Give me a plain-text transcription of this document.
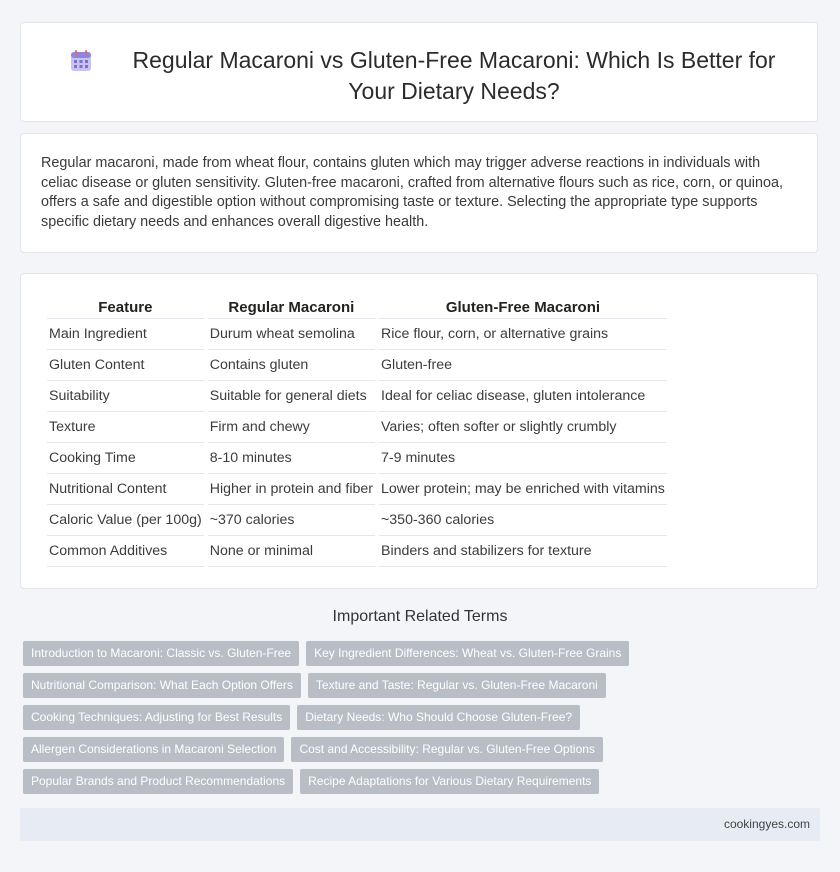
Regular Macaroni vs Gluten-Free Macaroni: Which Is Better for Your Dietary Needs?

Regular macaroni, made from wheat flour, contains gluten which may trigger adverse reactions in individuals with celiac disease or gluten sensitivity. Gluten-free macaroni, crafted from alternative flours such as rice, corn, or quinoa, offers a safe and digestible option without compromising taste or texture. Selecting the appropriate type supports specific dietary needs and enhances overall digestive health.

Feature	Regular Macaroni	Gluten-Free Macaroni
Main Ingredient	Durum wheat semolina	Rice flour, corn, or alternative grains
Gluten Content	Contains gluten	Gluten-free
Suitability	Suitable for general diets	Ideal for celiac disease, gluten intolerance
Texture	Firm and chewy	Varies; often softer or slightly crumbly
Cooking Time	8-10 minutes	7-9 minutes
Nutritional Content	Higher in protein and fiber	Lower protein; may be enriched with vitamins
Caloric Value (per 100g)	~370 calories	~350-360 calories
Common Additives	None or minimal	Binders and stabilizers for texture
Important Related Terms
Introduction to Macaroni: Classic vs. Gluten-Free	Key Ingredient Differences: Wheat vs. Gluten-Free Grains
Nutritional Comparison: What Each Option Offers	Texture and Taste: Regular vs. Gluten-Free Macaroni
Cooking Techniques: Adjusting for Best Results	Dietary Needs: Who Should Choose Gluten-Free?
Allergen Considerations in Macaroni Selection	Cost and Accessibility: Regular vs. Gluten-Free Options
Popular Brands and Product Recommendations	Recipe Adaptations for Various Dietary Requirements
cookingyes.com
